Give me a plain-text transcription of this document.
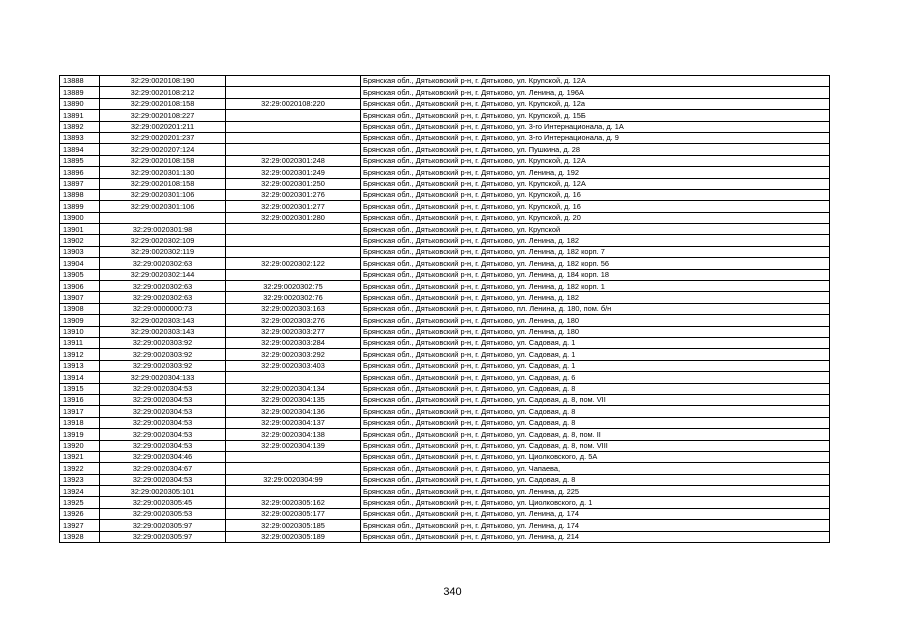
13888	32:29:0020108:190		Брянская обл., Дятьковский р-н, г. Дятьково, ул. Крупской, д. 12А
13889	32:29:0020108:212		Брянская обл., Дятьковский р-н, г. Дятьково, ул. Ленина, д. 196А
13890	32:29:0020108:158	32:29:0020108:220	Брянская обл., Дятьковский р-н, г. Дятьково, ул. Крупской, д. 12а
13891	32:29:0020108:227		Брянская обл., Дятьковский р-н, г. Дятьково, ул. Крупской, д. 15Б
13892	32:29:0020201:211		Брянская обл., Дятьковский р-н, г. Дятьково, ул. 3-го Интернационала, д. 1А
13893	32:29:0020201:237		Брянская обл., Дятьковский р-н, г. Дятьково, ул. 3-го Интернационала, д. 9
13894	32:29:0020207:124		Брянская обл., Дятьковский р-н, г. Дятьково, ул. Пушкина, д. 28
13895	32:29:0020108:158	32:29:0020301:248	Брянская обл., Дятьковский р-н, г. Дятьково, ул. Крупской, д. 12А
13896	32:29:0020301:130	32:29:0020301:249	Брянская обл., Дятьковский р-н, г. Дятьково, ул. Ленина, д. 192
13897	32:29:0020108:158	32:29:0020301:250	Брянская обл., Дятьковский р-н, г. Дятьково, ул. Крупской, д. 12А
13898	32:29:0020301:106	32:29:0020301:276	Брянская обл., Дятьковский р-н, г. Дятьково, ул. Крупской, д. 16
13899	32:29:0020301:106	32:29:0020301:277	Брянская обл., Дятьковский р-н, г. Дятьково, ул. Крупской, д. 16
13900		32:29:0020301:280	Брянская обл., Дятьковский р-н, г. Дятьково, ул. Крупской, д. 20
13901	32:29:0020301:98		Брянская обл., Дятьковский р-н, г. Дятьково, ул. Крупской
13902	32:29:0020302:109		Брянская обл., Дятьковский р-н, г. Дятьково, ул. Ленина, д. 182
13903	32:29:0020302:119		Брянская обл., Дятьковский р-н, г. Дятьково, ул. Ленина, д. 182 корп. 7
13904	32:29:0020302:63	32:29:0020302:122	Брянская обл., Дятьковский р-н, г. Дятьково, ул. Ленина, д. 182 корп. 56
13905	32:29:0020302:144		Брянская обл., Дятьковский р-н, г. Дятьково, ул. Ленина, д. 184 корп. 18
13906	32:29:0020302:63	32:29:0020302:75	Брянская обл., Дятьковский р-н, г. Дятьково, ул. Ленина, д. 182 корп. 1
13907	32:29:0020302:63	32:29:0020302:76	Брянская обл., Дятьковский р-н, г. Дятьково, ул. Ленина, д. 182
13908	32:29:0000000:73	32:29:0020303:163	Брянская обл., Дятьковский р-н, г. Дятьково, пл. Ленина, д. 180, пом. б/н
13909	32:29:0020303:143	32:29:0020303:276	Брянская обл., Дятьковский р-н, г. Дятьково, ул. Ленина, д. 180
13910	32:29:0020303:143	32:29:0020303:277	Брянская обл., Дятьковский р-н, г. Дятьково, ул. Ленина, д. 180
13911	32:29:0020303:92	32:29:0020303:284	Брянская обл., Дятьковский р-н, г. Дятьково, ул. Садовая, д. 1
13912	32:29:0020303:92	32:29:0020303:292	Брянская обл., Дятьковский р-н, г. Дятьково, ул. Садовая, д. 1
13913	32:29:0020303:92	32:29:0020303:403	Брянская обл., Дятьковский р-н, г. Дятьково, ул. Садовая, д. 1
13914	32:29:0020304:133		Брянская обл., Дятьковский р-н, г. Дятьково, ул. Садовая, д. 6
13915	32:29:0020304:53	32:29:0020304:134	Брянская обл., Дятьковский р-н, г. Дятьково, ул. Садовая, д. 8
13916	32:29:0020304:53	32:29:0020304:135	Брянская обл., Дятьковский р-н, г. Дятьково, ул. Садовая, д. 8, пом. VII
13917	32:29:0020304:53	32:29:0020304:136	Брянская обл., Дятьковский р-н, г. Дятьково, ул. Садовая, д. 8
13918	32:29:0020304:53	32:29:0020304:137	Брянская обл., Дятьковский р-н, г. Дятьково, ул. Садовая, д. 8
13919	32:29:0020304:53	32:29:0020304:138	Брянская обл., Дятьковский р-н, г. Дятьково, ул. Садовая, д. 8, пом. II
13920	32:29:0020304:53	32:29:0020304:139	Брянская обл., Дятьковский р-н, г. Дятьково, ул. Садовая, д. 8, пом. VIII
13921	32:29:0020304:46		Брянская обл., Дятьковский р-н, г. Дятьково, ул. Циолковского, д. 5А
13922	32:29:0020304:67		Брянская обл., Дятьковский р-н, г. Дятьково, ул. Чапаева,
13923	32:29:0020304:53	32:29:0020304:99	Брянская обл., Дятьковский р-н, г. Дятьково, ул. Садовая, д. 8
13924	32:29:0020305:101		Брянская обл., Дятьковский р-н, г. Дятьково, ул. Ленина, д. 225
13925	32:29:0020305:45	32:29:0020305:162	Брянская обл., Дятьковский р-н, г. Дятьково, ул. Циолковского, д. 1
13926	32:29:0020305:53	32:29:0020305:177	Брянская обл., Дятьковский р-н, г. Дятьково, ул. Ленина, д. 174
13927	32:29:0020305:97	32:29:0020305:185	Брянская обл., Дятьковский р-н, г. Дятьково, ул. Ленина, д. 174
13928	32:29:0020305:97	32:29:0020305:189	Брянская обл., Дятьковский р-н, г. Дятьково, ул. Ленина, д. 214
340
